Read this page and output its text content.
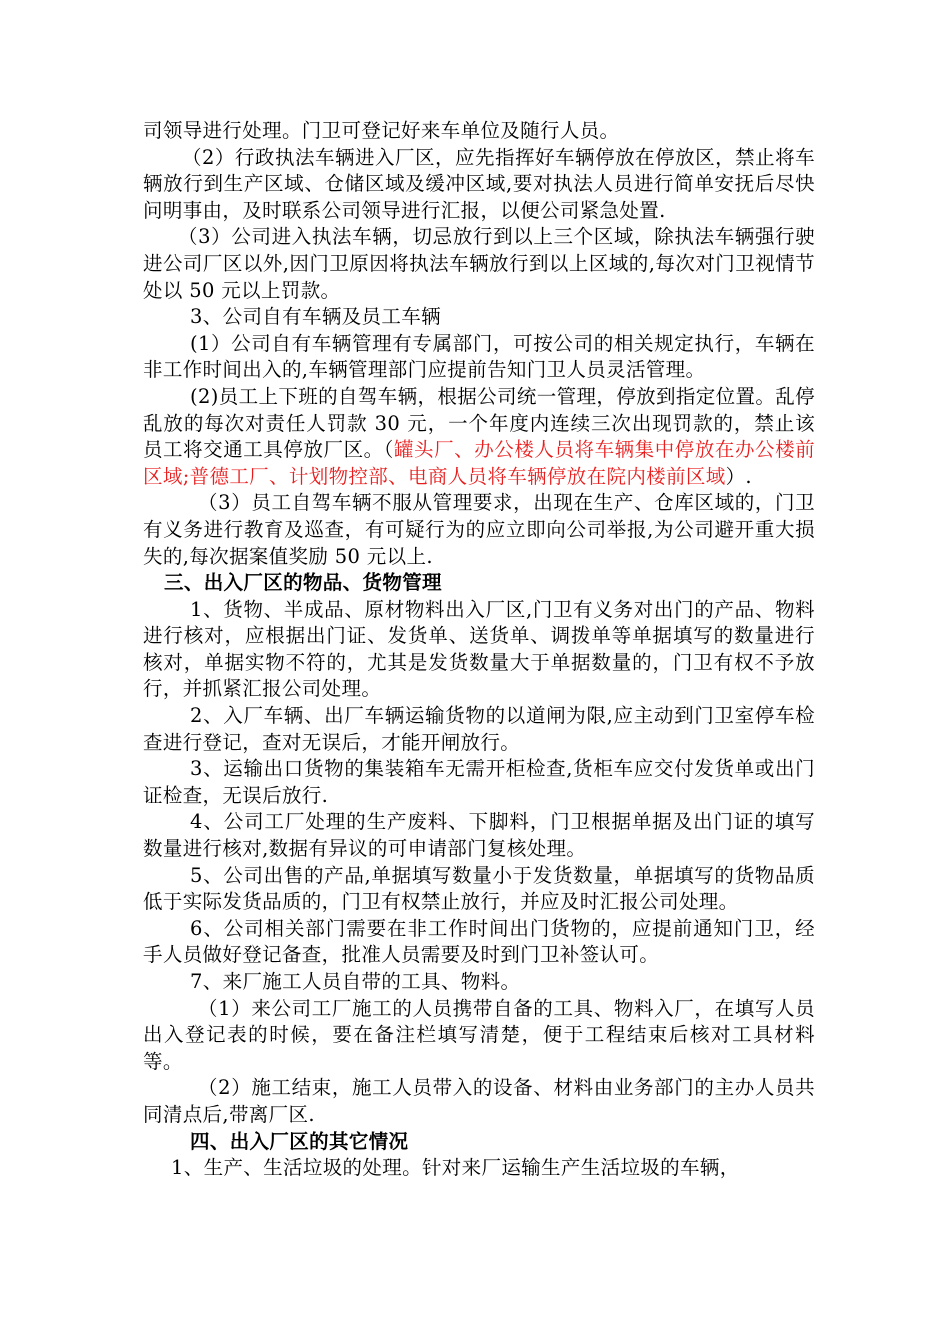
司领导进行处理。门卫可登记好来车单位及随行人员。

（2）行政执法车辆进入厂区，应先指挥好车辆停放在停放区，禁止将车辆放行到生产区域、仓储区域及缓冲区域,要对执法人员进行简单安抚后尽快问明事由，及时联系公司领导进行汇报，以便公司紧急处置.

（3）公司进入执法车辆，切忌放行到以上三个区域，除执法车辆强行驶进公司厂区以外,因门卫原因将执法车辆放行到以上区域的,每次对门卫视情节处以 50 元以上罚款。

3、公司自有车辆及员工车辆

(1）公司自有车辆管理有专属部门，可按公司的相关规定执行，车辆在非工作时间出入的,车辆管理部门应提前告知门卫人员灵活管理。

(2)员工上下班的自驾车辆，根据公司统一管理，停放到指定位置。乱停乱放的每次对责任人罚款 30 元，一个年度内连续三次出现罚款的，禁止该员工将交通工具停放厂区。（罐头厂、办公楼人员将车辆集中停放在办公楼前区域;普德工厂、计划物控部、电商人员将车辆停放在院内楼前区域）.

（3）员工自驾车辆不服从管理要求，出现在生产、仓库区域的，门卫有义务进行教育及巡查，有可疑行为的应立即向公司举报,为公司避开重大损失的,每次据案值奖励 50 元以上.

三、出入厂区的物品、货物管理

1、货物、半成品、原材物料出入厂区,门卫有义务对出门的产品、物料进行核对，应根据出门证、发货单、送货单、调拨单等单据填写的数量进行核对，单据实物不符的，尤其是发货数量大于单据数量的，门卫有权不予放行，并抓紧汇报公司处理。

2、入厂车辆、出厂车辆运输货物的以道闸为限,应主动到门卫室停车检查进行登记，查对无误后，才能开闸放行。

3、运输出口货物的集装箱车无需开柜检查,货柜车应交付发货单或出门证检查，无误后放行.

4、公司工厂处理的生产废料、下脚料，门卫根据单据及出门证的填写数量进行核对,数据有异议的可申请部门复核处理。

5、公司出售的产品,单据填写数量小于发货数量，单据填写的货物品质低于实际发货品质的，门卫有权禁止放行，并应及时汇报公司处理。

6、公司相关部门需要在非工作时间出门货物的，应提前通知门卫，经手人员做好登记备查，批准人员需要及时到门卫补签认可。

7、来厂施工人员自带的工具、物料。

（1）来公司工厂施工的人员携带自备的工具、物料入厂，在填写人员出入登记表的时候，要在备注栏填写清楚，便于工程结束后核对工具材料等。

（2）施工结束，施工人员带入的设备、材料由业务部门的主办人员共同清点后,带离厂区.

四、出入厂区的其它情况

1、生产、生活垃圾的处理。针对来厂运输生产生活垃圾的车辆，
